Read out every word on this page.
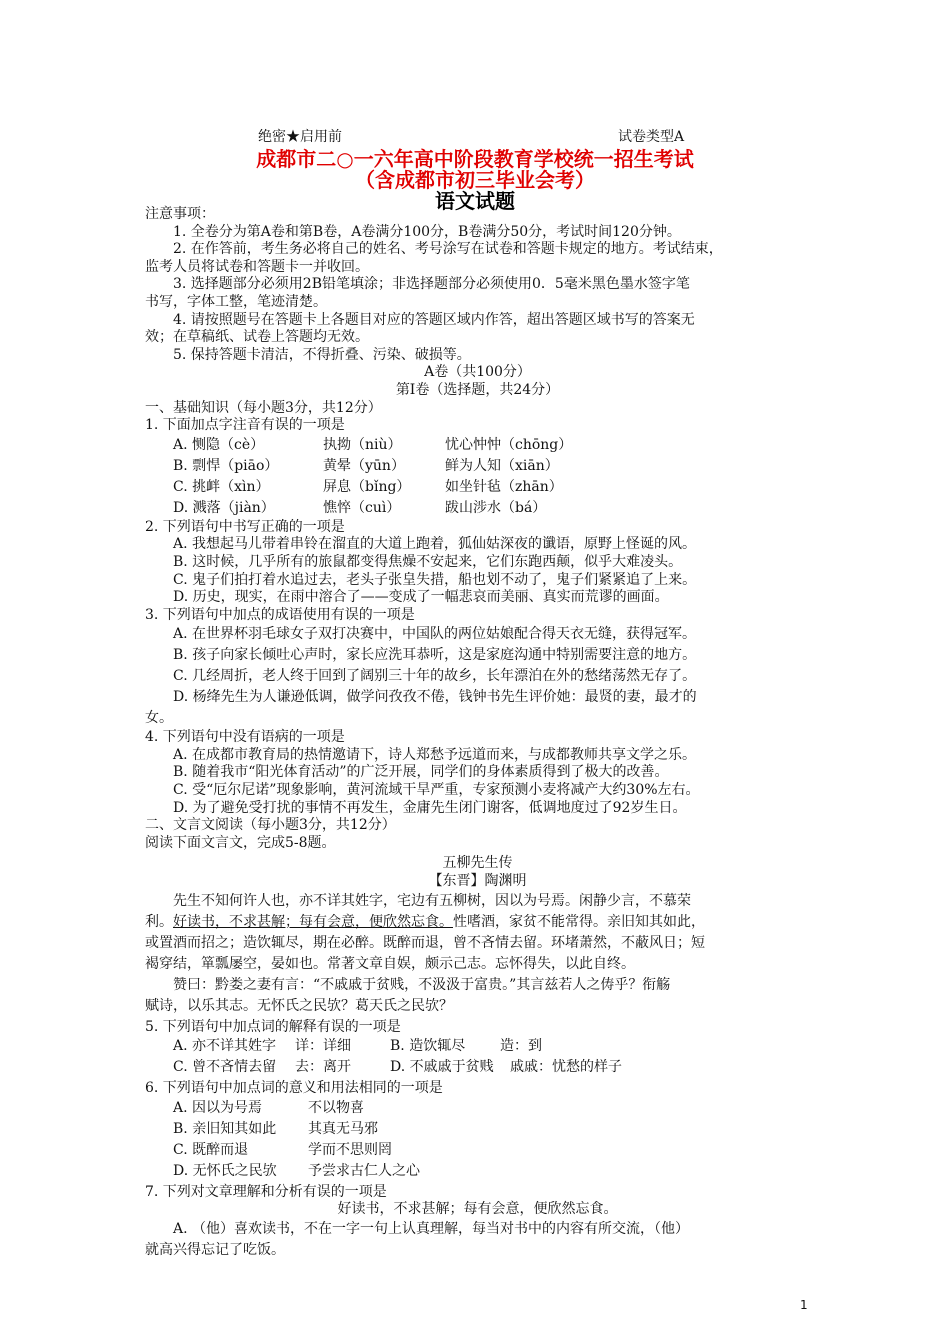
绝密★启用前	试卷类型A
成都市二○一六年高中阶段教育学校统一招生考试
（含成都市初三毕业会考）
语文试题
注意事项：
1. 全卷分为第A卷和第B卷，A卷满分100分，B卷满分50分，考试时间120分钟。
2. 在作答前，考生务必将自己的姓名、考号涂写在试卷和答题卡规定的地方。考试结束，
监考人员将试卷和答题卡一并收回。
3. 选择题部分必须用2B铅笔填涂；非选择题部分必须使用0．5毫米黑色墨水签字笔
书写，字体工整，笔迹清楚。
4. 请按照题号在答题卡上各题目对应的答题区域内作答，超出答题区域书写的答案无
效；在草稿纸、试卷上答题均无效。
5. 保持答题卡清洁，不得折叠、污染、破损等。
A卷（共100分）
第Ⅰ卷（选择题，共24分）
一、基础知识（每小题3分，共12分）
1. 下面加点字注音有误的一项是
A. 恻隐（cè）	执拗（niù）	忧心忡忡（chōng）
B. 剽悍（piāo）	黄晕（yūn）	鲜为人知（xiān）
C. 挑衅（xìn）	屏息（bǐng） 如坐针毡（zhān）
D. 溅落（jiàn）	憔悴（cuì）	跋山涉水（bá）
2. 下列语句中书写正确的一项是
A. 我想起马儿带着串铃在溜直的大道上跑着，狐仙姑深夜的谶语，原野上怪诞的风。
B. 这时候，几乎所有的旅鼠都变得焦燥不安起来，它们东跑西颠，似乎大难凌头。
C. 鬼子们拍打着水追过去，老头子张皇失措，船也划不动了，鬼子们紧紧追了上来。
D. 历史，现实，在雨中溶合了——变成了一幅悲哀而美丽、真实而荒谬的画面。
3. 下列语句中加点的成语使用有误的一项是
A. 在世界杯羽毛球女子双打决赛中，中国队的两位姑娘配合得天衣无缝，获得冠军。
B. 孩子向家长倾吐心声时，家长应洗耳恭听，这是家庭沟通中特别需要注意的地方。
C. 几经周折，老人终于回到了阔别三十年的故乡，长年漂泊在外的愁绪荡然无存了。
D. 杨绛先生为人谦逊低调，做学问孜孜不倦，钱钟书先生评价她：最贤的妻，最才的
女。
4. 下列语句中没有语病的一项是
A. 在成都市教育局的热情邀请下，诗人郑愁予远道而来，与成都教师共享文学之乐。
B. 随着我市“阳光体育活动”的广泛开展，同学们的身体素质得到了极大的改善。
C. 受“厄尔尼诺”现象影响，黄河流域干旱严重，专家预测小麦将减产大约30%左右。
D. 为了避免受打扰的事情不再发生，金庸先生闭门谢客，低调地度过了92岁生日。
二、文言文阅读（每小题3分，共12分）
阅读下面文言文，完成5-8题。
五柳先生传
【东晋】陶渊明
先生不知何许人也，亦不详其姓字，宅边有五柳树，因以为号焉。闲静少言，不慕荣
利。好读书，不求甚解；每有会意，便欣然忘食。性嗜酒，家贫不能常得。亲旧知其如此，
或置酒而招之；造饮辄尽，期在必醉。既醉而退，曾不吝情去留。环堵萧然，不蔽风日；短
褐穿结，箪瓢屡空，晏如也。常著文章自娱，颇示己志。忘怀得失，以此自终。
赞曰：黔娄之妻有言：“不戚戚于贫贱，不汲汲于富贵。”其言兹若人之俦乎？衔觞
赋诗，以乐其志。无怀氏之民欤？葛天氏之民欤？
5. 下列语句中加点词的解释有误的一项是
A. 亦不详其姓字 详：详细	B. 造饮辄尽 造：到
C. 曾不吝情去留 去：离开	D. 不戚戚于贫贱 戚戚：忧愁的样子
6. 下列语句中加点词的意义和用法相同的一项是
A. 因以为号焉	不以物喜
B. 亲旧知其如此 其真无马邪
C. 既醉而退	学而不思则罔
D. 无怀氏之民欤 予尝求古仁人之心
7. 下列对文章理解和分析有误的一项是
好读书，不求甚解；每有会意，便欣然忘食。
A. （他）喜欢读书，不在一字一句上认真理解，每当对书中的内容有所交流，（他）
就高兴得忘记了吃饭。
1
